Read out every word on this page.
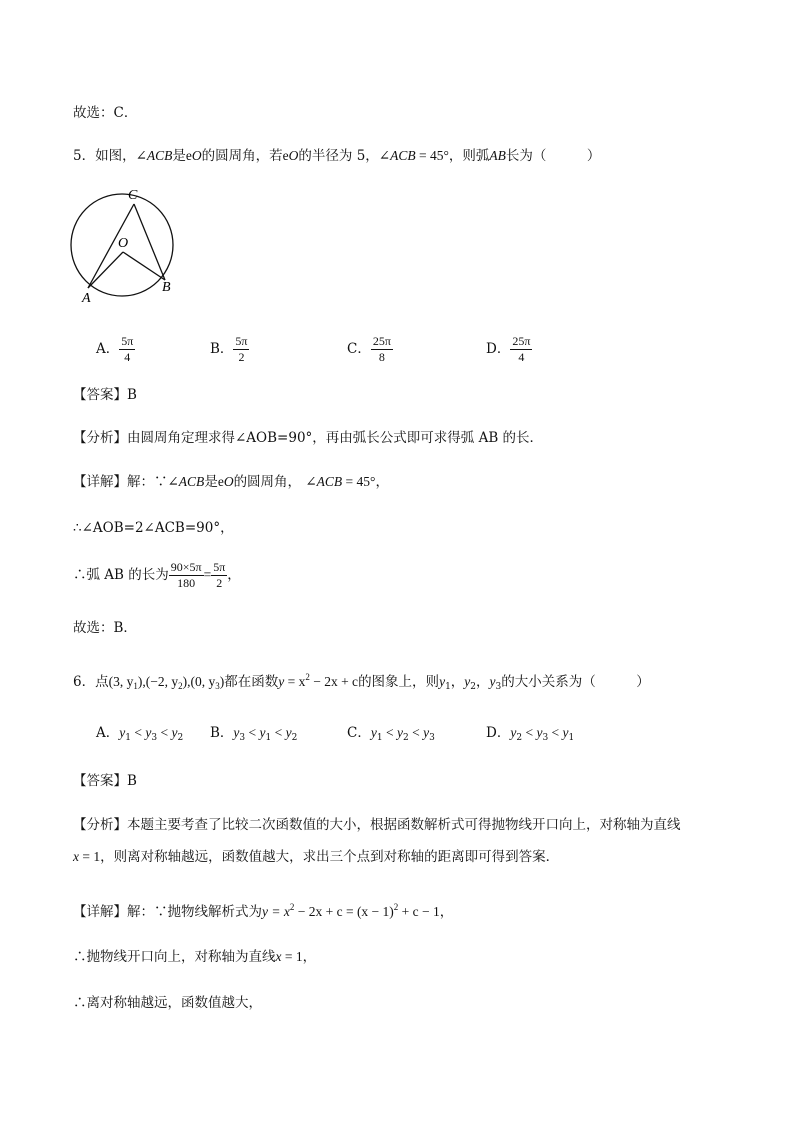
故选：C．
5．如图，∠ACB是eO的圆周角，若eO的半径为 5，∠ACB = 45°，则弧AB长为（　　　）
C
O
A
B
A． $\frac{5\pi}{4}$	B． $\frac{5\pi}{2}$	C． $\frac{25\pi}{8}$	D． $\frac{25\pi}{4}$
【答案】B
【分析】由圆周角定理求得∠AOB=90°，再由弧长公式即可求得弧 AB 的长．
【详解】解：∵∠ACB是eO的圆周角， ∠ACB = 45°，
∴∠AOB=2∠ACB=90°，
∴弧 AB 的长为 $\frac{90\times 5\pi}{180} = \frac{5\pi}{2}$ ，
故选：B．
6．点(3, $y_1),(-2$, $y_2),(0$, $y_3$)都在函数$y = x^2 - 2x + c$的图象上，则$y_1$，$y_2$，$y_3$的大小关系为（　　　）
A．$y_1 < y_3 < y_2$ B．$y_3 < y_1 < y_2$	C．$y_1 < y_2 < y_3$	D．$y_2 < y_3 < y_1$
【答案】B
【分析】本题主要考查了比较二次函数值的大小，根据函数解析式可得抛物线开口向上，对称轴为直线
x = 1，则离对称轴越远，函数值越大，求出三个点到对称轴的距离即可得到答案．
【详解】解：∵抛物线解析式为$y = x^2 - 2x + c = (x - 1)^2 + c - 1$，
∴抛物线开口向上，对称轴为直线x = 1，
∴离对称轴越远，函数值越大，
